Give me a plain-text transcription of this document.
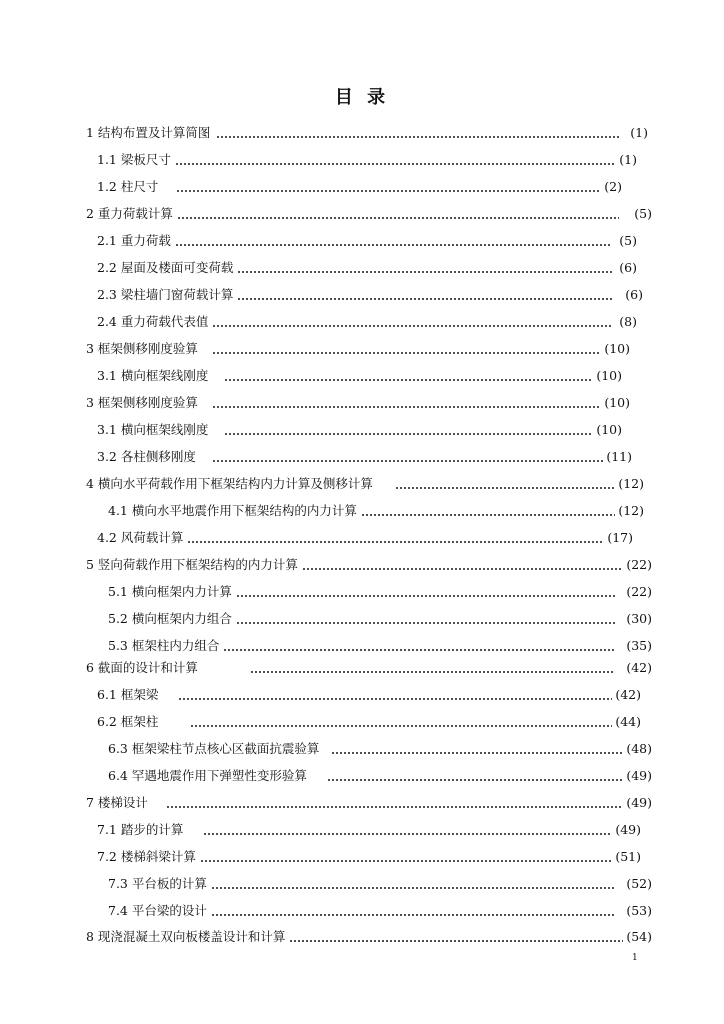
目 录
1 结构布置及计算简图	(1)
1.1 梁板尺寸	(1)
1.2 柱尺寸	(2)
2 重力荷载计算	(5)
2.1 重力荷载	(5)
2.2 屋面及楼面可变荷载	(6)
2.3 梁柱墙门窗荷载计算	(6)
2.4 重力荷载代表值	(8)
3 框架侧移刚度验算	(10)
3.1 横向框架线刚度	(10)
3 框架侧移刚度验算	(10)
3.1 横向框架线刚度	(10)
3.2 各柱侧移刚度	(11)
4 横向水平荷载作用下框架结构内力计算及侧移计算	(12)
4.1 横向水平地震作用下框架结构的内力计算	(12)
4.2 风荷载计算	(17)
5 竖向荷载作用下框架结构的内力计算	(22)
5.1 横向框架内力计算	(22)
5.2 横向框架内力组合	(30)
5.3 框架柱内力组合	(35)
6 截面的设计和计算	(42)
6.1 框架梁	(42)
6.2 框架柱	(44)
6.3 框架梁柱节点核心区截面抗震验算	(48)
6.4 罕遇地震作用下弹塑性变形验算	(49)
7 楼梯设计	(49)
7.1 踏步的计算	(49)
7.2 楼梯斜梁计算	(51)
7.3 平台板的计算	(52)
7.4 平台梁的设计	(53)
8 现浇混凝土双向板楼盖设计和计算	(54)
1
